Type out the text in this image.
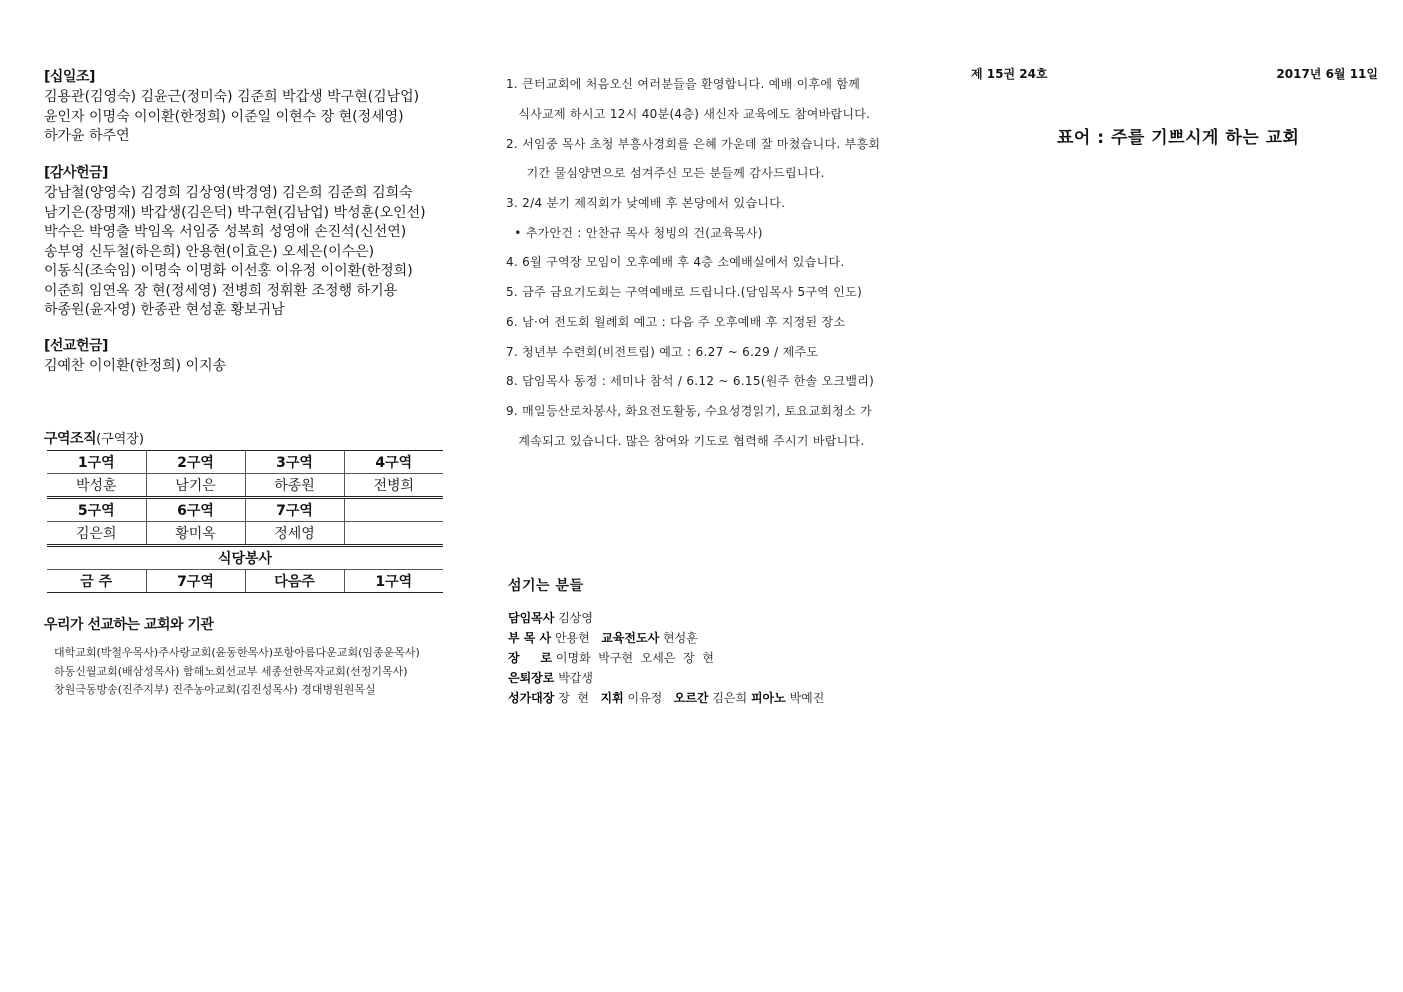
[십일조]
김용관(김영숙) 김윤근(정미숙) 김준희 박갑생 박구현(김남업)
윤인자 이명숙 이이환(한정희) 이준일 이현수 장 현(정세영)
하가윤 하주연
[감사헌금]
강남철(양영숙) 김경희 김상영(박경영) 김은희 김준희 김희숙
남기은(장명재) 박갑생(김은덕) 박구현(김남업) 박성훈(오인선)
박수은 박영출 박임옥 서임중 성복희 성영애 손진석(신선연)
송부영 신두철(하은희) 안용현(이효은) 오세은(이수은)
이동식(조숙임) 이명숙 이명화 이선홍 이유정 이이환(한정희)
이준희 임연옥 장 현(정세영) 전병희 정휘환 조정행 하기용
하종원(윤자영) 한종관 현성훈 황보귀남
[선교헌금]
김예찬 이이환(한정희) 이지송
구역조직(구역장)
1구역	2구역	3구역	4구역
박성훈	남기은	하종원	전병희
5구역	6구역	7구역	
김은희	황미옥	정세영	
식당봉사			
금 주	7구역	다음주	1구역
우리가 선교하는 교회와 기관
대학교회(박철우목사)주사랑교회(윤동한목사)포항아름다운교회(임종운목사)
하동신월교회(배삼성목사) 함해노회선교부 세종선한목자교회(선정기목사)
창원극동방송(진주지부) 진주농아교회(김진성목사) 경대병원원목실
1. 큰터교회에 처음오신 여러분들을 환영합니다. 예배 이후에 함께
식사교제 하시고 12시 40분(4층) 새신자 교육에도 참여바랍니다.
2. 서임중 목사 초청 부흥사경회를 은혜 가운데 잘 마쳤습니다. 부흥회
기간 물심양면으로 섬겨주신 모든 분들께 감사드립니다.
3. 2/4 분기 제직회가 낮예배 후 본당에서 있습니다.
• 추가안건 : 안찬규 목사 청빙의 건(교육목사)
4. 6월 구역장 모임이 오후예배 후 4층 소예배실에서 있습니다.
5. 금주 금요기도회는 구역예배로 드립니다.(담임목사 5구역 인도)
6. 남·여 전도회 월례회 예고 : 다음 주 오후예배 후 지정된 장소
7. 청년부 수련회(비전트립) 예고 : 6.27 ~ 6.29 / 제주도
8. 담임목사 동정 : 세미나 참석 / 6.12 ~ 6.15(원주 한솔 오크밸리)
9. 매일등산로차봉사, 화요전도활동, 수요성경읽기, 토요교회청소 가
계속되고 있습니다. 많은 참여와 기도로 협력해 주시기 바랍니다.
섬기는 분들
담임목사 김상영
부 목 사 안용현 교육전도사 현성훈
장     로 이명화  박구현  오세은  장  현
은퇴장로 박갑생
성가대장 장  현 지휘 이유정 오르간 김은희 피아노 박예진
제 15권 24호	2017년 6월 11일
표어 : 주를 기쁘시게 하는 교회
